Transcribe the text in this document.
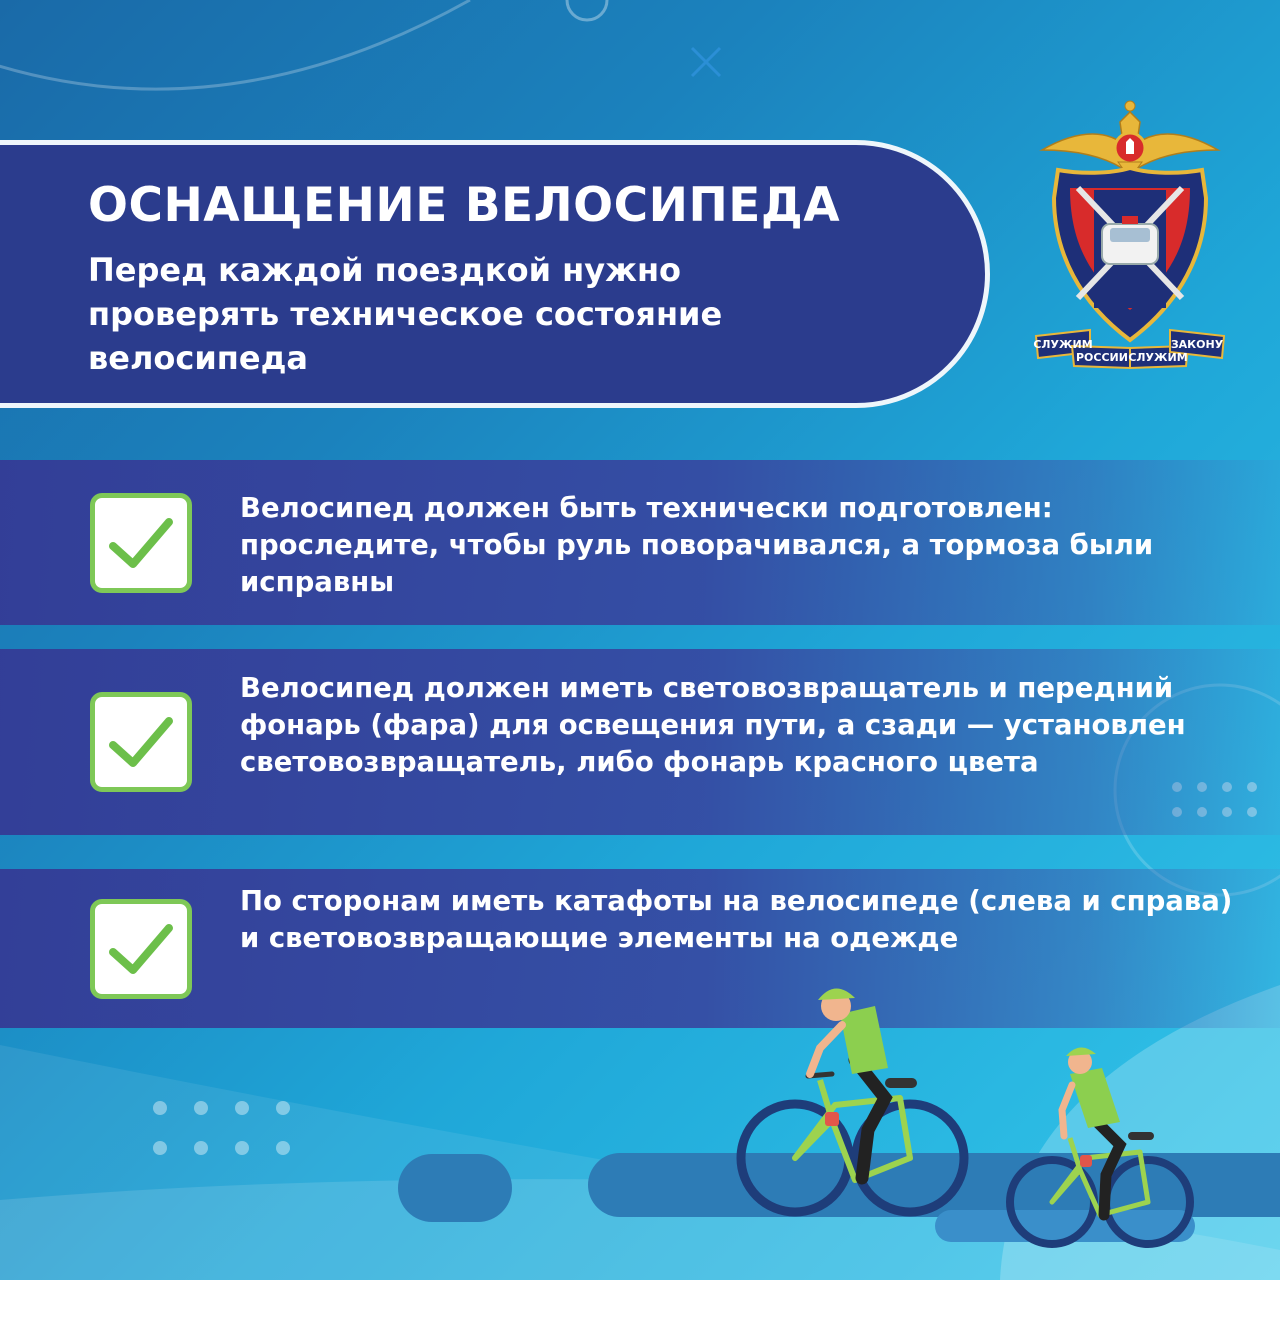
ОСНАЩЕНИЕ ВЕЛОСИПЕДА

Перед каждой поездкой нужно проверять техническое состояние велосипеда	СЛУЖИМ
РОССИИ СЛУЖИМ
ЗАКОНУ

Велосипед должен быть технически подготовлен: проследите, чтобы руль поворачивался, а тормоза были исправны

Велосипед должен иметь световозвращатель и передний фонарь (фара) для освещения пути, а сзади — установлен световозвращатель, либо фонарь красного цвета

По сторонам иметь катафоты на велосипеде (слева и справа) и световозвращающие элементы на одежде
